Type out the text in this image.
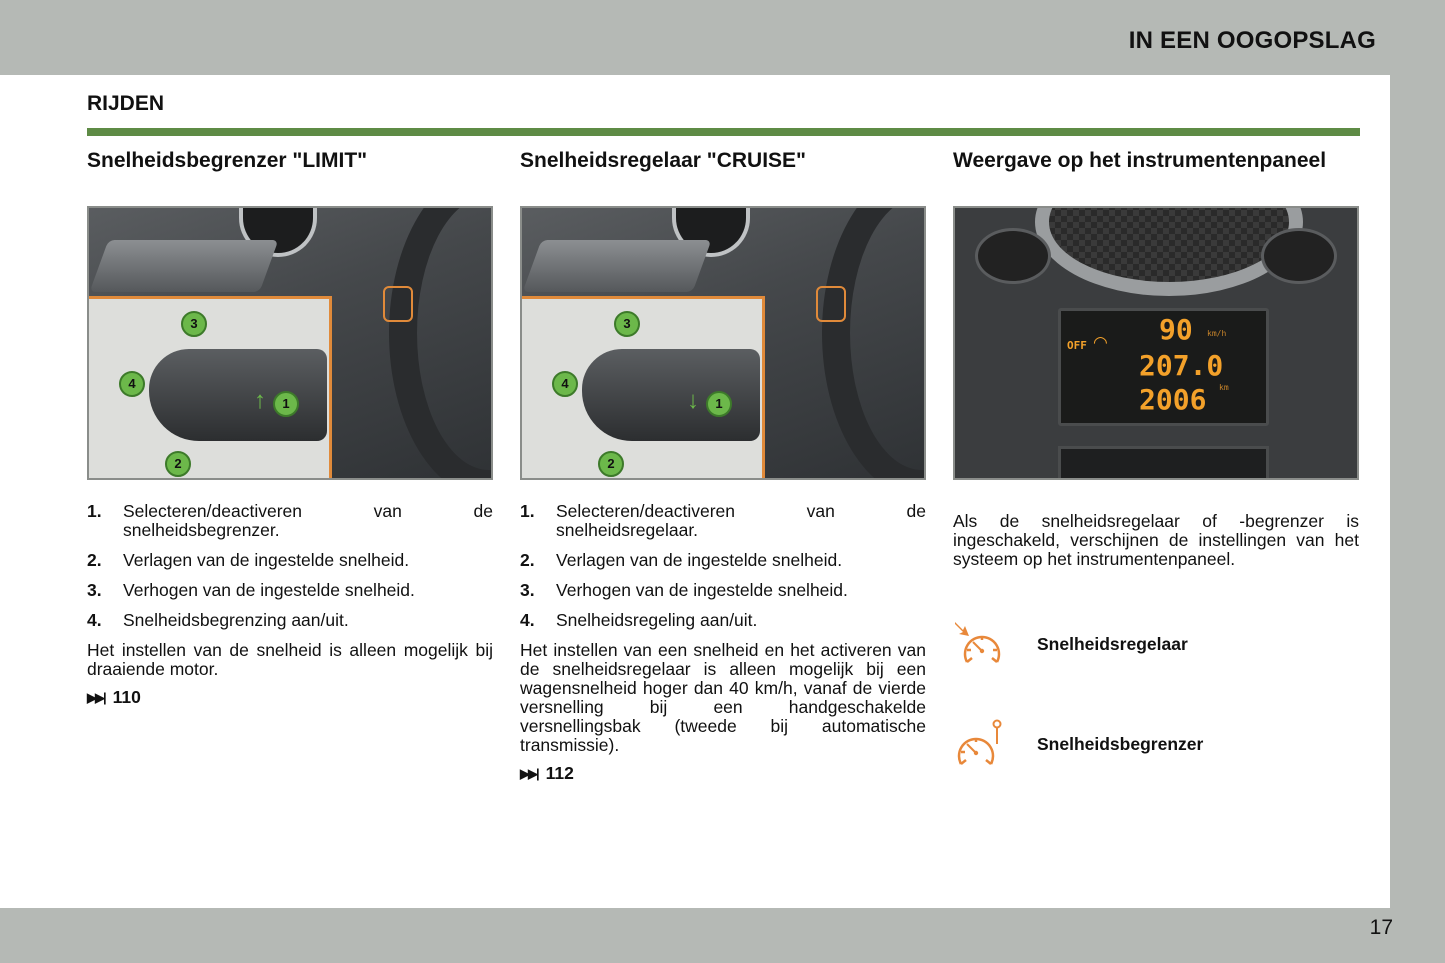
IN EEN OOGOPSLAG
RIJDEN
Snelheidsbegrenzer "LIMIT"
1
2
3
4
↑
1.	Selecteren/deactiveren van de snelheidsbegrenzer.
2.	Verlagen van de ingestelde snelheid.
3.	Verhogen van de ingestelde snelheid.
4.	Snelheidsbegrenzing aan/uit.

Het instellen van de snelheid is alleen mogelijk bij draaiende motor.

▶▶| 110
Snelheidsregelaar "CRUISE"
1
2
3
4
↓
1.	Selecteren/deactiveren van de snelheidsregelaar.
2.	Verlagen van de ingestelde snelheid.
3.	Verhogen van de ingestelde snelheid.
4.	Snelheidsregeling aan/uit.

Het instellen van een snelheid en het activeren van de snelheidsregelaar is alleen mogelijk bij een wagensnelheid hoger dan 40 km/h, vanaf de vierde versnelling bij een handgeschakelde versnellingsbak (tweede bij automatische transmissie).

▶▶| 112
Weergave op het instrumentenpaneel
OFF ◠ 90 km/h
207.0
2006 km

Als de snelheidsregelaar of -begrenzer is ingeschakeld, verschijnen de instellingen van het systeem op het instrumentenpaneel.

Snelheidsregelaar
Snelheidsbegrenzer
17
